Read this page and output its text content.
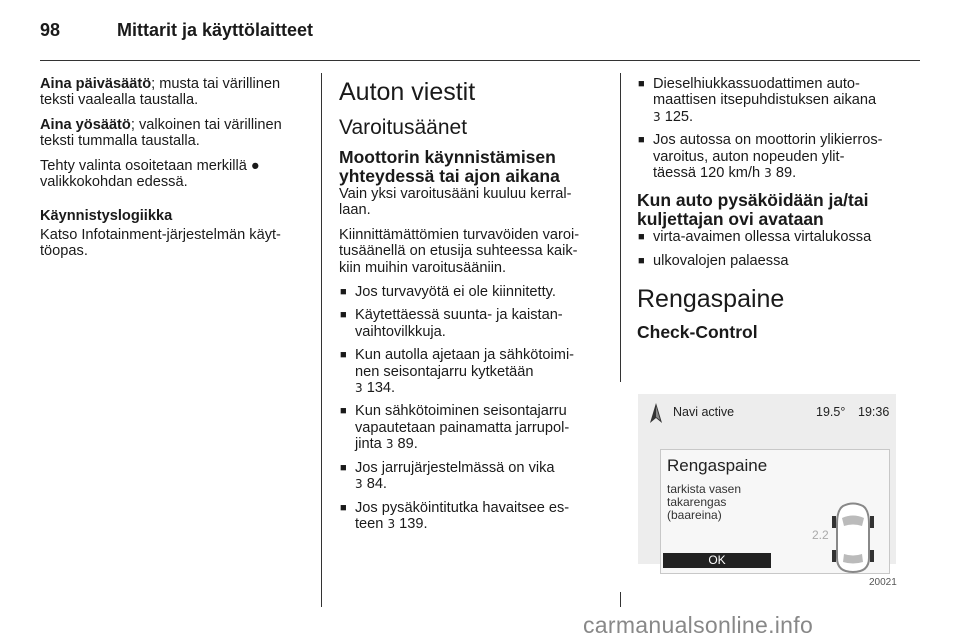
98	Mittarit ja käyttölaitteet

Aina päiväsäätö; musta tai värillinen
teksti vaalealla taustalla.

Aina yösäätö; valkoinen tai värillinen
teksti tummalla taustalla.

Tehty valinta osoitetaan merkillä ●
valikkokohdan edessä.

Käynnistyslogiikka
Katso Infotainment-järjestelmän käyt-
töopas.

Auton viestit
Varoitusäänet
Moottorin käynnistämisen
yhteydessä tai ajon aikana

Vain yksi varoitusääni kuuluu kerral-
laan.

Kiinnittämättömien turvavöiden varoi-
tusäänellä on etusija suhteessa kaik-
kiin muihin varoitusääniin.

■ Jos turvavyötä ei ole kiinnitetty.
■ Käytettäessä suunta- ja kaistan-
vaihtovilkkuja.
■ Kun autolla ajetaan ja sähkötoimi-
nen seisontajarru kytketään
3 134.
■ Kun sähkötoiminen seisontajarru
vapautetaan painamatta jarrupol-
jinta 3 89.
■ Jos jarrujärjestelmässä on vika
3 84.
■ Jos pysäköintitutka havaitsee es-
teen 3 139.
■ Dieselhiukkassuodattimen auto-
maattisen itsepuhdistuksen aikana
3 125.
■ Jos autossa on moottorin ylikierros-
varoitus, auton nopeuden ylit-
täessä 120 km/h 3 89.
Kun auto pysäköidään ja/tai
kuljettajan ovi avataan
■ virta-avaimen ollessa virtalukossa
■ ulkovalojen palaessa
Rengaspaine
Check-Control
Navi active	19.5° 19:36
Rengaspaine
tarkista vasen
takarengas
(baareina)
2.2
OK
20021
carmanualsonline.info
